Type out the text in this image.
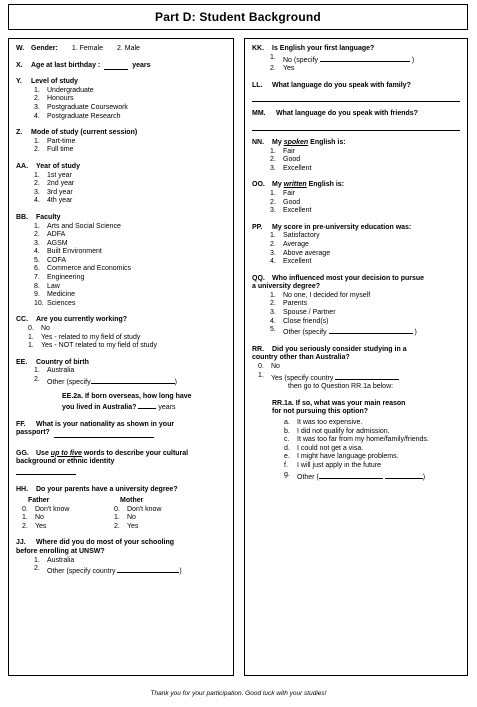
Part D: Student Background
W. Gender: 1. Female 2. Male
X.	Age at last birthday :	years
Y.	Level of study
1.	Undergraduate
2.	Honours
3.	Postgraduate Coursework
4.	Postgraduate Research
Z.	Mode of study (current session)
1.	Part-time
2.	Full time
AA.	Year of study
1.	1st year
2.	2nd year
3.	3rd year
4.	4th year
BB.	Faculty
1.	Arts and Social Science
2.	ADFA
3.	AGSM
4.	Built Environment
5.	COFA
6.	Commerce and Economics
7.	Engineering
8.	Law
9.	Medicine
10. Sciences
CC.	Are you currently working?
0.	No
1.	Yes - related to my field of study
1.	Yes - NOT related to my field of study
EE.	Country of birth
1.	Australia
2.	Other (specify	)
EE.2a. If born overseas, how long have
you lived in Australia?	years
FF.	What is your nationality as shown in your
passport?
GG.	Use up to five words to describe your cultural
background or ethnic identity
HH.	Do your parents have a university degree?
Father
0.	Don't know
1.	No
2.	Yes
Mother
0.	Don't know
1.	No
2.	Yes
JJ.	Where did you do most of your schooling
before enrolling at UNSW?
1.	Australia
2.	Other (specify country	)
KK.	Is English your first language?
1.	No (specify	)
2.	Yes
LL.	What language do you speak with family?
MM.	What language do you speak with friends?
NN.	My spoken English is:
1.	Fair
2.	Good
3.	Excellent
OO.	My written English is:
1.	Fair
2.	Good
3.	Excellent
PP.	My score in pre-university education was:
1.	Satisfactory
2.	Average
3.	Above average
4.	Excellent
QQ.	Who influenced most your decision to pursue
a university degree?
1.	No one, I decided for myself
2.	Parents
3.	Spouse / Partner
4.	Close friend(s)
5.	Other (specify	)
RR.	Did you seriously consider studying in a
country other than Australia?
0.	No
1.	Yes (specify country
then go to Question RR.1a below:
RR.1a. If so, what was your main reason
for not pursuing this option?
a.	It was too expensive.
b.	I did not qualify for admission.
c.	It was too far from my home/family/friends.
d.	I could not get a visa.
e.	I might have language problems.
f.	I will just apply in the future
g.	Other (	)
Thank you for your participation. Good luck with your studies!
